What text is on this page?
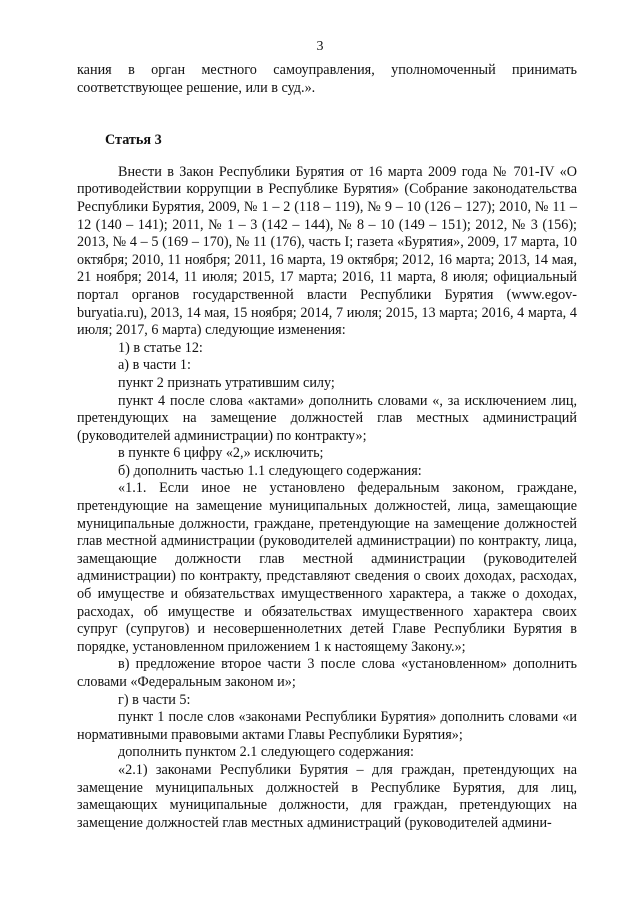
3

кания в орган местного самоуправления, уполномоченный принимать соответствующее решение, или в суд.».

Статья 3

Внести в Закон Республики Бурятия от 16 марта 2009 года № 701-IV «О противодействии коррупции в Республике Бурятия» (Собрание законодательства Республики Бурятия, 2009, № 1 – 2 (118 – 119), № 9 – 10 (126 – 127); 2010, № 11 – 12 (140 – 141); 2011, № 1 – 3 (142 – 144), № 8 – 10 (149 – 151); 2012, № 3 (156); 2013, № 4 – 5 (169 – 170), № 11 (176), часть I; газета «Бурятия», 2009, 17 марта, 10 октября; 2010, 11 ноября; 2011, 16 марта, 19 октября; 2012, 16 марта; 2013, 14 мая, 21 ноября; 2014, 11 июля; 2015, 17 марта; 2016, 11 марта, 8 июля; официальный портал органов государственной власти Республики Бурятия (www.egov-buryatia.ru), 2013, 14 мая, 15 ноября; 2014, 7 июля; 2015, 13 марта; 2016, 4 марта, 4 июля; 2017, 6 марта) следующие изменения:

1) в статье 12:

а) в части 1:

пункт 2 признать утратившим силу;

пункт 4 после слова «актами» дополнить словами «, за исключением лиц, претендующих на замещение должностей глав местных администраций (руководителей администрации) по контракту»;

в пункте 6 цифру «2,» исключить;

б) дополнить частью 1.1 следующего содержания:

«1.1. Если иное не установлено федеральным законом, граждане, претендующие на замещение муниципальных должностей, лица, замещающие муниципальные должности, граждане, претендующие на замещение должностей глав местной администрации (руководителей администрации) по контракту, лица, замещающие должности глав местной администрации (руководителей администрации) по контракту, представляют сведения о своих доходах, расходах, об имуществе и обязательствах имущественного характера, а также о доходах, расходах, об имуществе и обязательствах имущественного характера своих супруг (супругов) и несовершеннолетних детей Главе Республики Бурятия в порядке, установленном приложением 1 к настоящему Закону.»;

в) предложение второе части 3 после слова «установленном» дополнить словами «Федеральным законом и»;

г) в части 5:

пункт 1 после слов «законами Республики Бурятия» дополнить словами «и нормативными правовыми актами Главы Республики Бурятия»;

дополнить пунктом 2.1 следующего содержания:

«2.1) законами Республики Бурятия – для граждан, претендующих на замещение муниципальных должностей в Республике Бурятия, для лиц, замещающих муниципальные должности, для граждан, претендующих на замещение должностей глав местных администраций (руководителей админи-
